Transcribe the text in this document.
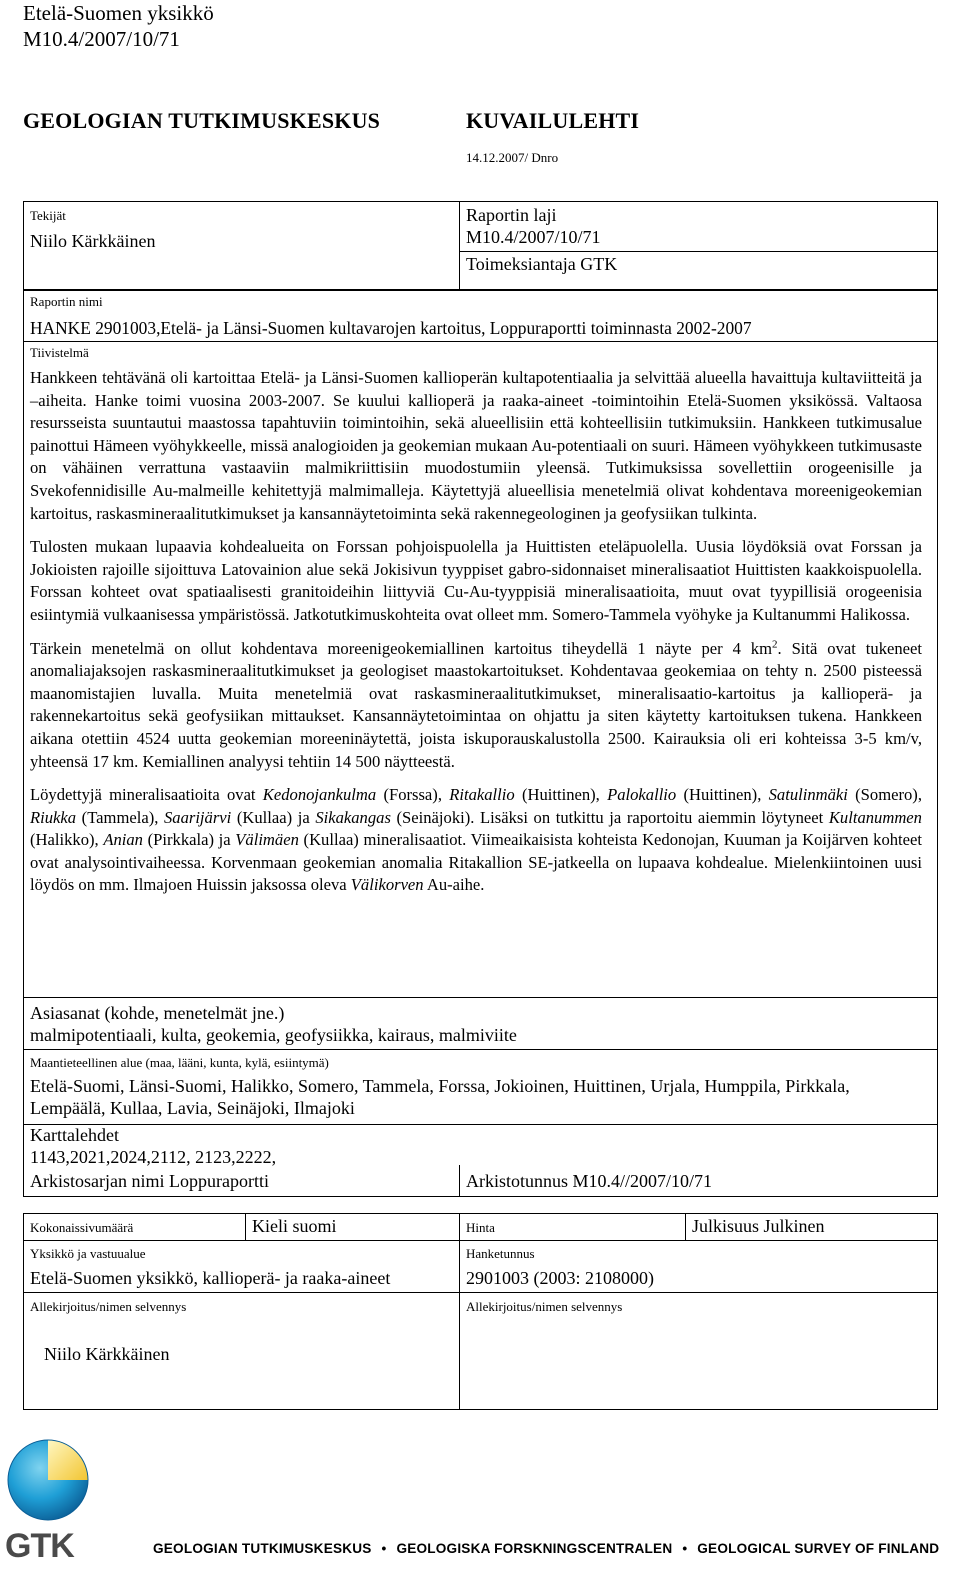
Etelä-Suomen yksikkö
M10.4/2007/10/71
GEOLOGIAN TUTKIMUSKESKUS	KUVAILULEHTI
14.12.2007/ Dnro
Tekijät
Niilo Kärkkäinen
Raportin laji
M10.4/2007/10/71
Toimeksiantaja GTK
Raportin nimi
HANKE 2901003,Etelä- ja Länsi-Suomen kultavarojen kartoitus, Loppuraportti toiminnasta 2002-2007
Tiivistelmä

Hankkeen tehtävänä oli kartoittaa Etelä- ja Länsi-Suomen kallioperän kultapotentiaalia ja selvittää alueella havaittuja kultaviitteitä ja –aiheita. Hanke toimi vuosina 2003-2007. Se kuului kallioperä ja raaka-aineet -toimintoihin Etelä-Suomen yksikössä. Valtaosa resursseista suuntautui maastossa tapahtuviin toimintoihin, sekä alueellisiin että kohteellisiin tutkimuksiin. Hankkeen tutkimusalue painottui Hämeen vyöhykkeelle, missä analogioiden ja geokemian mukaan Au-potentiaali on suuri. Hämeen vyöhykkeen tutkimusaste on vähäinen verrattuna vastaaviin malmikriittisiin muodostumiin yleensä. Tutkimuksissa sovellettiin orogeenisille ja Svekofennidisille Au-malmeille kehitettyjä malmimalleja. Käytettyjä alueellisia menetelmiä olivat kohdentava moreenigeokemian kartoitus, raskasmineraalitutkimukset ja kansannäytetoiminta sekä rakennegeologinen ja geofysiikan tulkinta.

Tulosten mukaan lupaavia kohdealueita on Forssan pohjoispuolella ja Huittisten eteläpuolella. Uusia löydöksiä ovat Forssan ja Jokioisten rajoille sijoittuva Latovainion alue sekä Jokisivun tyyppiset gabro-sidonnaiset mineralisaatiot Huittisten kaakkoispuolella. Forssan kohteet ovat spatiaalisesti granitoideihin liittyviä Cu-Au-tyyppisiä mineralisaatioita, muut ovat tyypillisiä orogeenisia esiintymiä vulkaanisessa ympäristössä. Jatkotutkimuskohteita ovat olleet mm. Somero-Tammela vyöhyke ja Kultanummi Halikossa.

Tärkein menetelmä on ollut kohdentava moreenigeokemiallinen kartoitus tiheydellä 1 näyte per 4 $km^2$. Sitä ovat tukeneet anomaliajaksojen raskasmineraalitutkimukset ja geologiset maastokartoitukset. Kohdentavaa geokemiaa on tehty n. 2500 pisteessä maanomistajien luvalla. Muita menetelmiä ovat raskasmineraalitutkimukset, mineralisaatio-kartoitus ja kallioperä- ja rakennekartoitus sekä geofysiikan mittaukset. Kansannäytetoimintaa on ohjattu ja siten käytetty kartoituksen tukena. Hankkeen aikana otettiin 4524 uutta geokemian moreeninäytettä, joista iskuporauskalustolla 2500. Kairauksia oli eri kohteissa 3-5 km/v, yhteensä 17 km. Kemiallinen analyysi tehtiin 14 500 näytteestä.

Löydettyjä mineralisaatioita ovat Kedonojankulma (Forssa), Ritakallio (Huittinen), Palokallio (Huittinen), Satulinmäki (Somero), Riukka (Tammela), Saarijärvi (Kullaa) ja Sikakangas (Seinäjoki). Lisäksi on tutkittu ja raportoitu aiemmin löytyneet Kultanummen (Halikko), Anian (Pirkkala) ja Välimäen (Kullaa) mineralisaatiot. Viimeaikaisista kohteista Kedonojan, Kuuman ja Koijärven kohteet ovat analysointivaiheessa. Korvenmaan geokemian anomalia Ritakallion SE-jatkeella on lupaava kohdealue. Mielenkiintoinen uusi löydös on mm. Ilmajoen Huissin jaksossa oleva Välikorven Au-aihe.

Asiasanat (kohde, menetelmät jne.)
malmipotentiaali, kulta, geokemia, geofysiikka, kairaus, malmiviite
Maantieteellinen alue (maa, lääni, kunta, kylä, esiintymä)
Etelä-Suomi, Länsi-Suomi, Halikko, Somero, Tammela, Forssa, Jokioinen, Huittinen, Urjala, Humppila, Pirkkala, Lempäälä, Kullaa, Lavia, Seinäjoki, Ilmajoki
Karttalehdet
1143,2021,2024,2112, 2123,2222,
Arkistosarjan nimi Loppuraportti	Arkistotunnus M10.4//2007/10/71
Kokonaissivumäärä	Kieli suomi	Hinta	Julkisuus Julkinen
Yksikkö ja vastuualue
Etelä-Suomen yksikkö, kallioperä- ja raaka-aineet
Hanketunnus
2901003 (2003: 2108000)
Allekirjoitus/nimen selvennys
Niilo Kärkkäinen
Allekirjoitus/nimen selvennys
GTK	GEOLOGIAN TUTKIMUSKESKUS • GEOLOGISKA FORSKNINGSCENTRALEN • GEOLOGICAL SURVEY OF FINLAND
